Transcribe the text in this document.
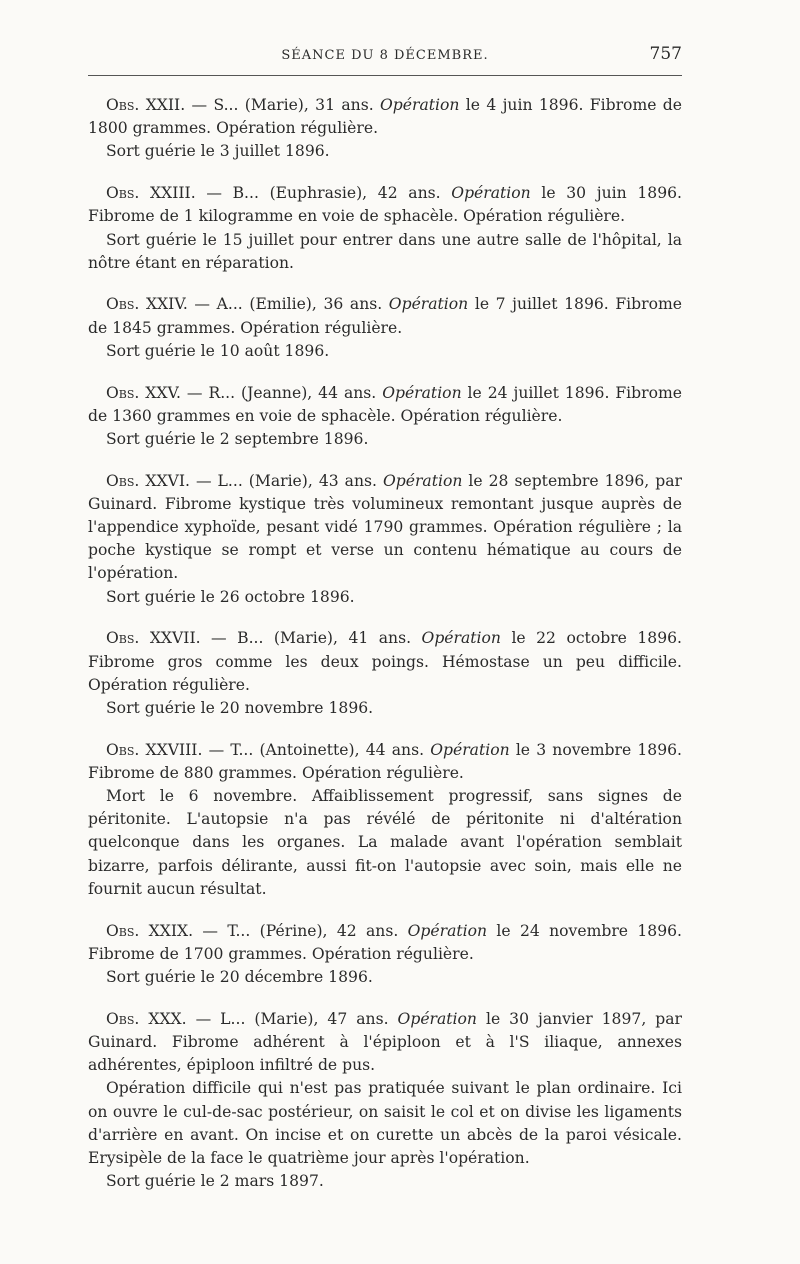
SÉANCE DU 8 DÉCEMBRE.	757

Obs. XXII. — S... (Marie), 31 ans. Opération le 4 juin 1896. Fibrome de 1800 grammes. Opération régulière.

Sort guérie le 3 juillet 1896.

Obs. XXIII. — B... (Euphrasie), 42 ans. Opération le 30 juin 1896. Fibrome de 1 kilogramme en voie de sphacèle. Opération régulière.

Sort guérie le 15 juillet pour entrer dans une autre salle de l'hôpital, la nôtre étant en réparation.

Obs. XXIV. — A... (Emilie), 36 ans. Opération le 7 juillet 1896. Fibrome de 1845 grammes. Opération régulière.

Sort guérie le 10 août 1896.

Obs. XXV. — R... (Jeanne), 44 ans. Opération le 24 juillet 1896. Fibrome de 1360 grammes en voie de sphacèle. Opération régulière.

Sort guérie le 2 septembre 1896.

Obs. XXVI. — L... (Marie), 43 ans. Opération le 28 septembre 1896, par Guinard. Fibrome kystique très volumineux remontant jusque auprès de l'appendice xyphoïde, pesant vidé 1790 grammes. Opération régulière ; la poche kystique se rompt et verse un contenu hématique au cours de l'opération.

Sort guérie le 26 octobre 1896.

Obs. XXVII. — B... (Marie), 41 ans. Opération le 22 octobre 1896. Fibrome gros comme les deux poings. Hémostase un peu difficile. Opération régulière.

Sort guérie le 20 novembre 1896.

Obs. XXVIII. — T... (Antoinette), 44 ans. Opération le 3 novembre 1896. Fibrome de 880 grammes. Opération régulière.

Mort le 6 novembre. Affaiblissement progressif, sans signes de péritonite. L'autopsie n'a pas révélé de péritonite ni d'altération quelconque dans les organes. La malade avant l'opération semblait bizarre, parfois délirante, aussi fit-on l'autopsie avec soin, mais elle ne fournit aucun résultat.

Obs. XXIX. — T... (Périne), 42 ans. Opération le 24 novembre 1896. Fibrome de 1700 grammes. Opération régulière.

Sort guérie le 20 décembre 1896.

Obs. XXX. — L... (Marie), 47 ans. Opération le 30 janvier 1897, par Guinard. Fibrome adhérent à l'épiploon et à l'S iliaque, annexes adhérentes, épiploon infiltré de pus.

Opération difficile qui n'est pas pratiquée suivant le plan ordinaire. Ici on ouvre le cul-de-sac postérieur, on saisit le col et on divise les ligaments d'arrière en avant. On incise et on curette un abcès de la paroi vésicale. Erysipèle de la face le quatrième jour après l'opération.

Sort guérie le 2 mars 1897.
